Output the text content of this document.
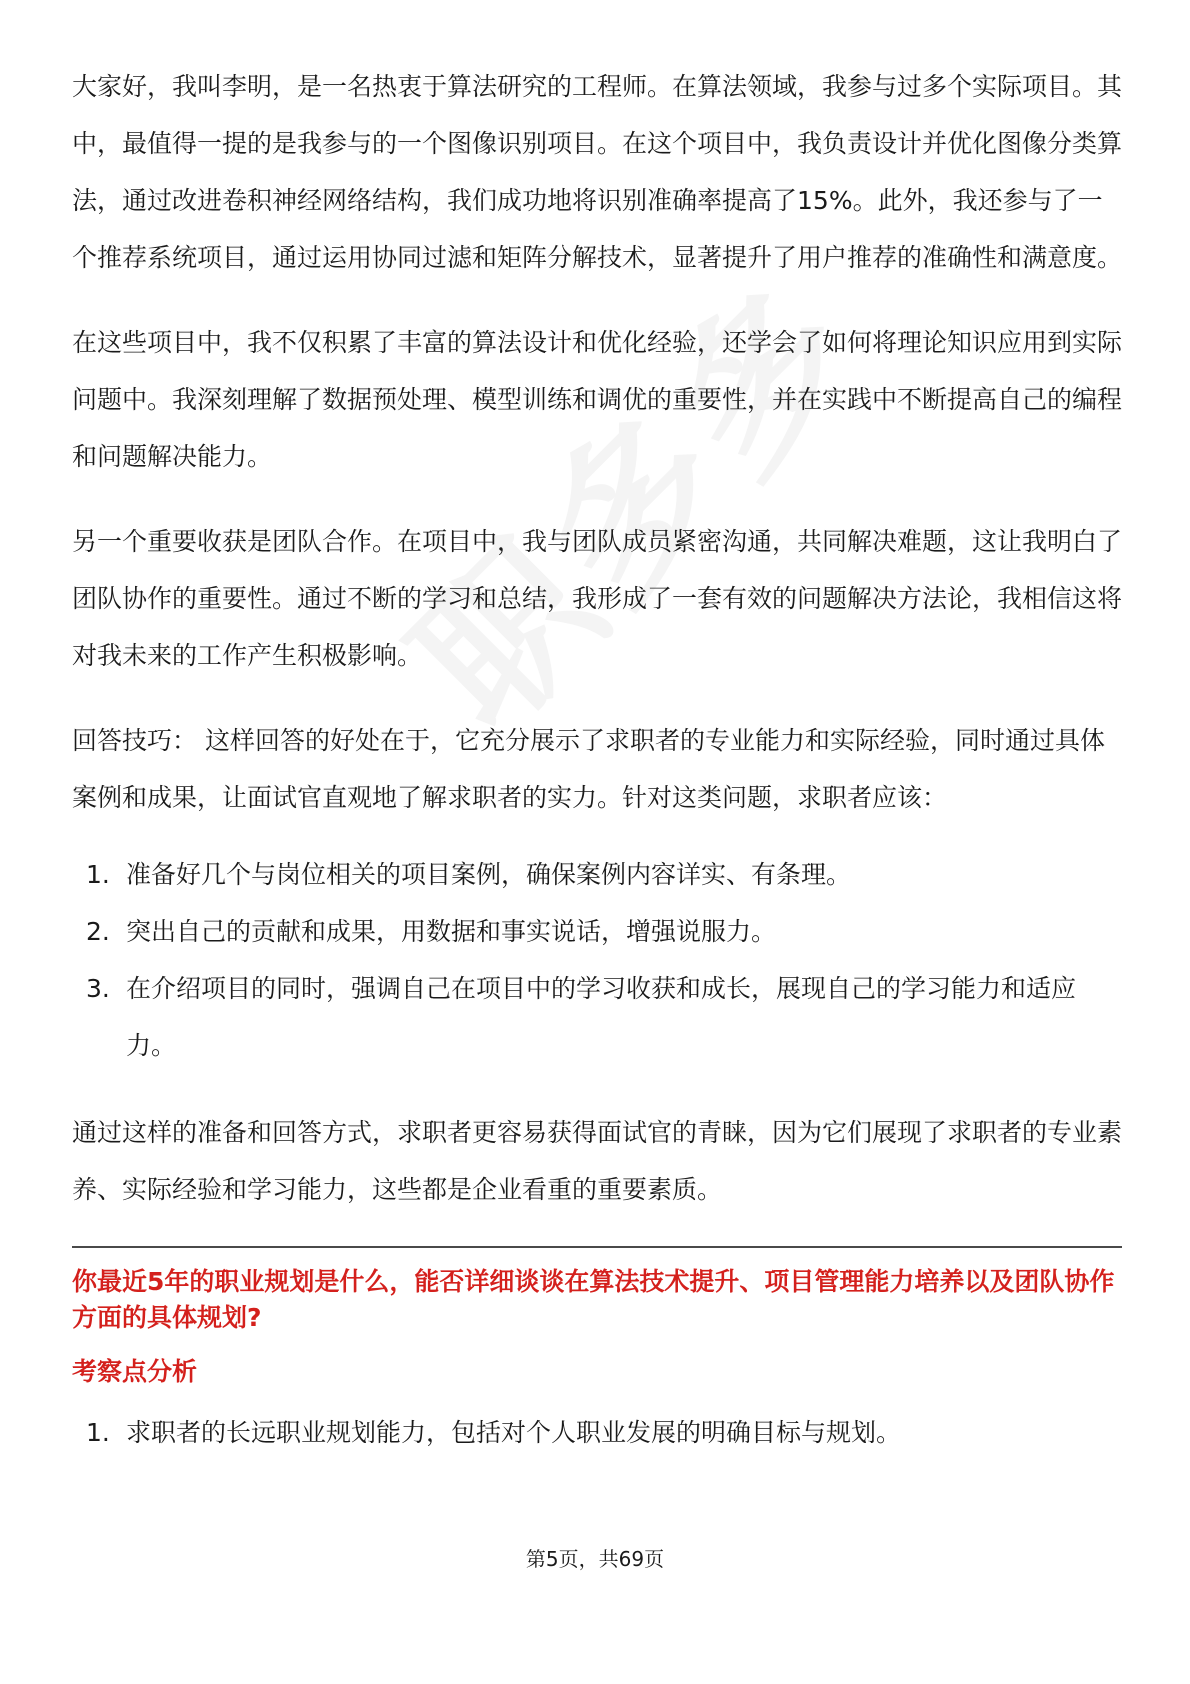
大家好，我叫李明，是一名热衷于算法研究的工程师。在算法领域，我参与过多个实际项目。其中，最值得一提的是我参与的一个图像识别项目。在这个项目中，我负责设计并优化图像分类算法，通过改进卷积神经网络结构，我们成功地将识别准确率提高了15%。此外，我还参与了一个推荐系统项目，通过运用协同过滤和矩阵分解技术，显著提升了用户推荐的准确性和满意度。

在这些项目中，我不仅积累了丰富的算法设计和优化经验，还学会了如何将理论知识应用到实际问题中。我深刻理解了数据预处理、模型训练和调优的重要性，并在实践中不断提高自己的编程和问题解决能力。

另一个重要收获是团队合作。在项目中，我与团队成员紧密沟通，共同解决难题，这让我明白了团队协作的重要性。通过不断的学习和总结，我形成了一套有效的问题解决方法论，我相信这将对我未来的工作产生积极影响。

回答技巧： 这样回答的好处在于，它充分展示了求职者的专业能力和实际经验，同时通过具体案例和成果，让面试官直观地了解求职者的实力。针对这类问题，求职者应该：

1. 准备好几个与岗位相关的项目案例，确保案例内容详实、有条理。
2. 突出自己的贡献和成果，用数据和事实说话，增强说服力。
3. 在介绍项目的同时，强调自己在项目中的学习收获和成长，展现自己的学习能力和适应力。

通过这样的准备和回答方式，求职者更容易获得面试官的青睐，因为它们展现了求职者的专业素养、实际经验和学习能力，这些都是企业看重的重要素质。

你最近5年的职业规划是什么，能否详细谈谈在算法技术提升、项目管理能力培养以及团队协作方面的具体规划?

考察点分析

1. 求职者的长远职业规划能力，包括对个人职业发展的明确目标与规划。
第5页，共69页
